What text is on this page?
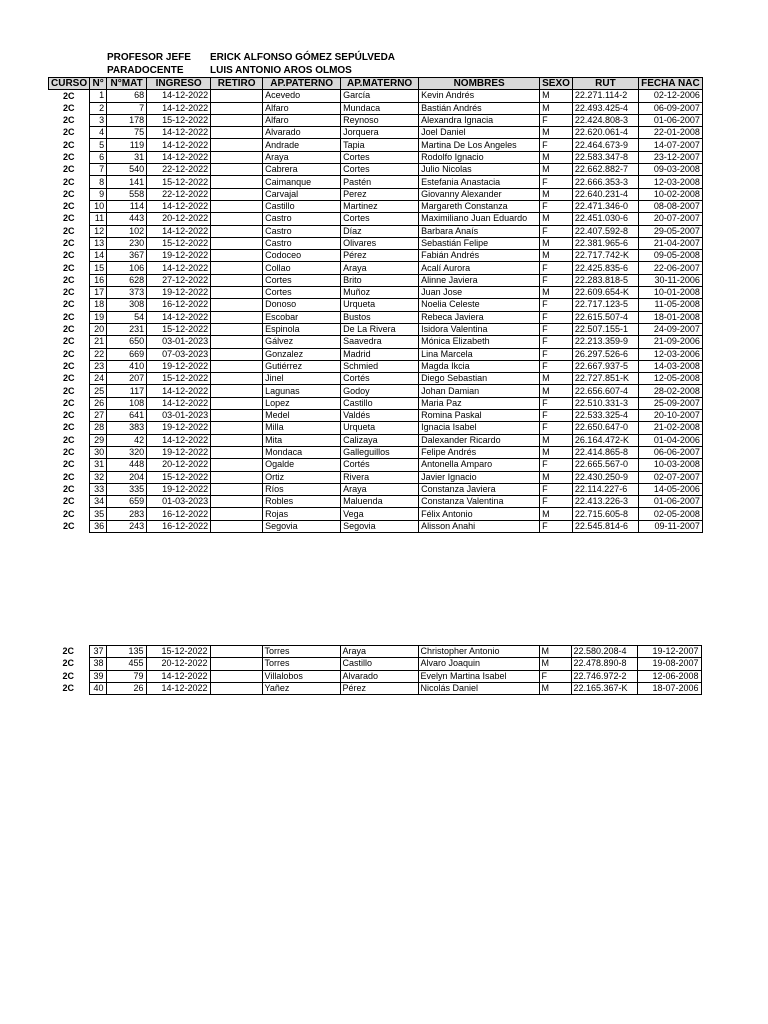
PROFESOR JEFE ERICK ALFONSO GÓMEZ SEPÚLVEDA
PARADOCENTE	LUIS ANTONIO AROS OLMOS
CURSO	N°	N°MAT	INGRESO	RETIRO	AP.PATERNO	AP.MATERNO	NOMBRES	SEXO	RUT	FECHA NAC
2C	1	68	14-12-2022		Acevedo	García	Kevin Andrés	M	22.271.114-2	02-12-2006
2C	2	7	14-12-2022		Alfaro	Mundaca	Bastián Andrés	M	22.493.425-4	06-09-2007
2C	3	178	15-12-2022		Alfaro	Reynoso	Alexandra Ignacia	F	22.424.808-3	01-06-2007
2C	4	75	14-12-2022		Alvarado	Jorquera	Joel Daniel	M	22.620.061-4	22-01-2008
2C	5	119	14-12-2022		Andrade	Tapia	Martina De Los Angeles	F	22.464.673-9	14-07-2007
2C	6	31	14-12-2022		Araya	Cortes	Rodolfo Ignacio	M	22.583.347-8	23-12-2007
2C	7	540	22-12-2022		Cabrera	Cortes	Julio Nicolas	M	22.662.882-7	09-03-2008
2C	8	141	15-12-2022		Caimanque	Pastén	Estefania Anastacia	F	22.666.353-3	12-03-2008
2C	9	558	22-12-2022		Carvajal	Perez	Giovanny Alexander	M	22.640.231-4	10-02-2008
2C	10	114	14-12-2022		Castillo	Martinez	Margareth Constanza	F	22.471.346-0	08-08-2007
2C	11	443	20-12-2022		Castro	Cortes	Maximiliano Juan Eduardo	M	22.451.030-6	20-07-2007
2C	12	102	14-12-2022		Castro	Díaz	Barbara Anaís	F	22.407.592-8	29-05-2007
2C	13	230	15-12-2022		Castro	Olivares	Sebastián Felipe	M	22.381.965-6	21-04-2007
2C	14	367	19-12-2022		Codoceo	Pérez	Fabián Andrés	M	22.717.742-K	09-05-2008
2C	15	106	14-12-2022		Collao	Araya	Acalí Aurora	F	22.425.835-6	22-06-2007
2C	16	628	27-12-2022		Cortes	Brito	Alinne Javiera	F	22.283.818-5	30-11-2006
2C	17	373	19-12-2022		Cortes	Muñoz	Juan Jose	M	22.609.654-K	10-01-2008
2C	18	308	16-12-2022		Donoso	Urqueta	Noelia Celeste	F	22.717.123-5	11-05-2008
2C	19	54	14-12-2022		Escobar	Bustos	Rebeca Javiera	F	22.615.507-4	18-01-2008
2C	20	231	15-12-2022		Espinola	De La Rivera	Isidora Valentina	F	22.507.155-1	24-09-2007
2C	21	650	03-01-2023		Gálvez	Saavedra	Mónica Elizabeth	F	22.213.359-9	21-09-2006
2C	22	669	07-03-2023		Gonzalez	Madrid	Lina Marcela	F	26.297.526-6	12-03-2006
2C	23	410	19-12-2022		Gutiérrez	Schmied	Magda Ikcia	F	22.667.937-5	14-03-2008
2C	24	207	15-12-2022		Jinel	Cortés	Diego Sebastian	M	22.727.851-K	12-05-2008
2C	25	117	14-12-2022		Lagunas	Godoy	Johan Damian	M	22.656.607-4	28-02-2008
2C	26	108	14-12-2022		Lopez	Castillo	Maria Paz	F	22.510.331-3	25-09-2007
2C	27	641	03-01-2023		Medel	Valdés	Romina Paskal	F	22.533.325-4	20-10-2007
2C	28	383	19-12-2022		Milla	Urqueta	Ignacia Isabel	F	22.650.647-0	21-02-2008
2C	29	42	14-12-2022		Mita	Calizaya	Dalexander Ricardo	M	26.164.472-K	01-04-2006
2C	30	320	19-12-2022		Mondaca	Galleguillos	Felipe Andrés	M	22.414.865-8	06-06-2007
2C	31	448	20-12-2022		Ogalde	Cortés	Antonella Amparo	F	22.665.567-0	10-03-2008
2C	32	204	15-12-2022		Ortiz	Rivera	Javier Ignacio	M	22.430.250-9	02-07-2007
2C	33	335	19-12-2022		Ríos	Araya	Constanza Javiera	F	22.114.227-6	14-05-2006
2C	34	659	01-03-2023		Robles	Maluenda	Constanza Valentina	F	22.413.226-3	01-06-2007
2C	35	283	16-12-2022		Rojas	Vega	Félix Antonio	M	22.715.605-8	02-05-2008
2C	36	243	16-12-2022		Segovia	Segovia	Alisson Anahi	F	22.545.814-6	09-11-2007
2C	37	135	15-12-2022		Torres	Araya	Christopher Antonio	M	22.580.208-4	19-12-2007
2C	38	455	20-12-2022		Torres	Castillo	Alvaro Joaquin	M	22.478.890-8	19-08-2007
2C	39	79	14-12-2022		Villalobos	Alvarado	Evelyn Martina Isabel	F	22.746.972-2	12-06-2008
2C	40	26	14-12-2022		Yañez	Pérez	Nicolás Daniel	M	22.165.367-K	18-07-2006
